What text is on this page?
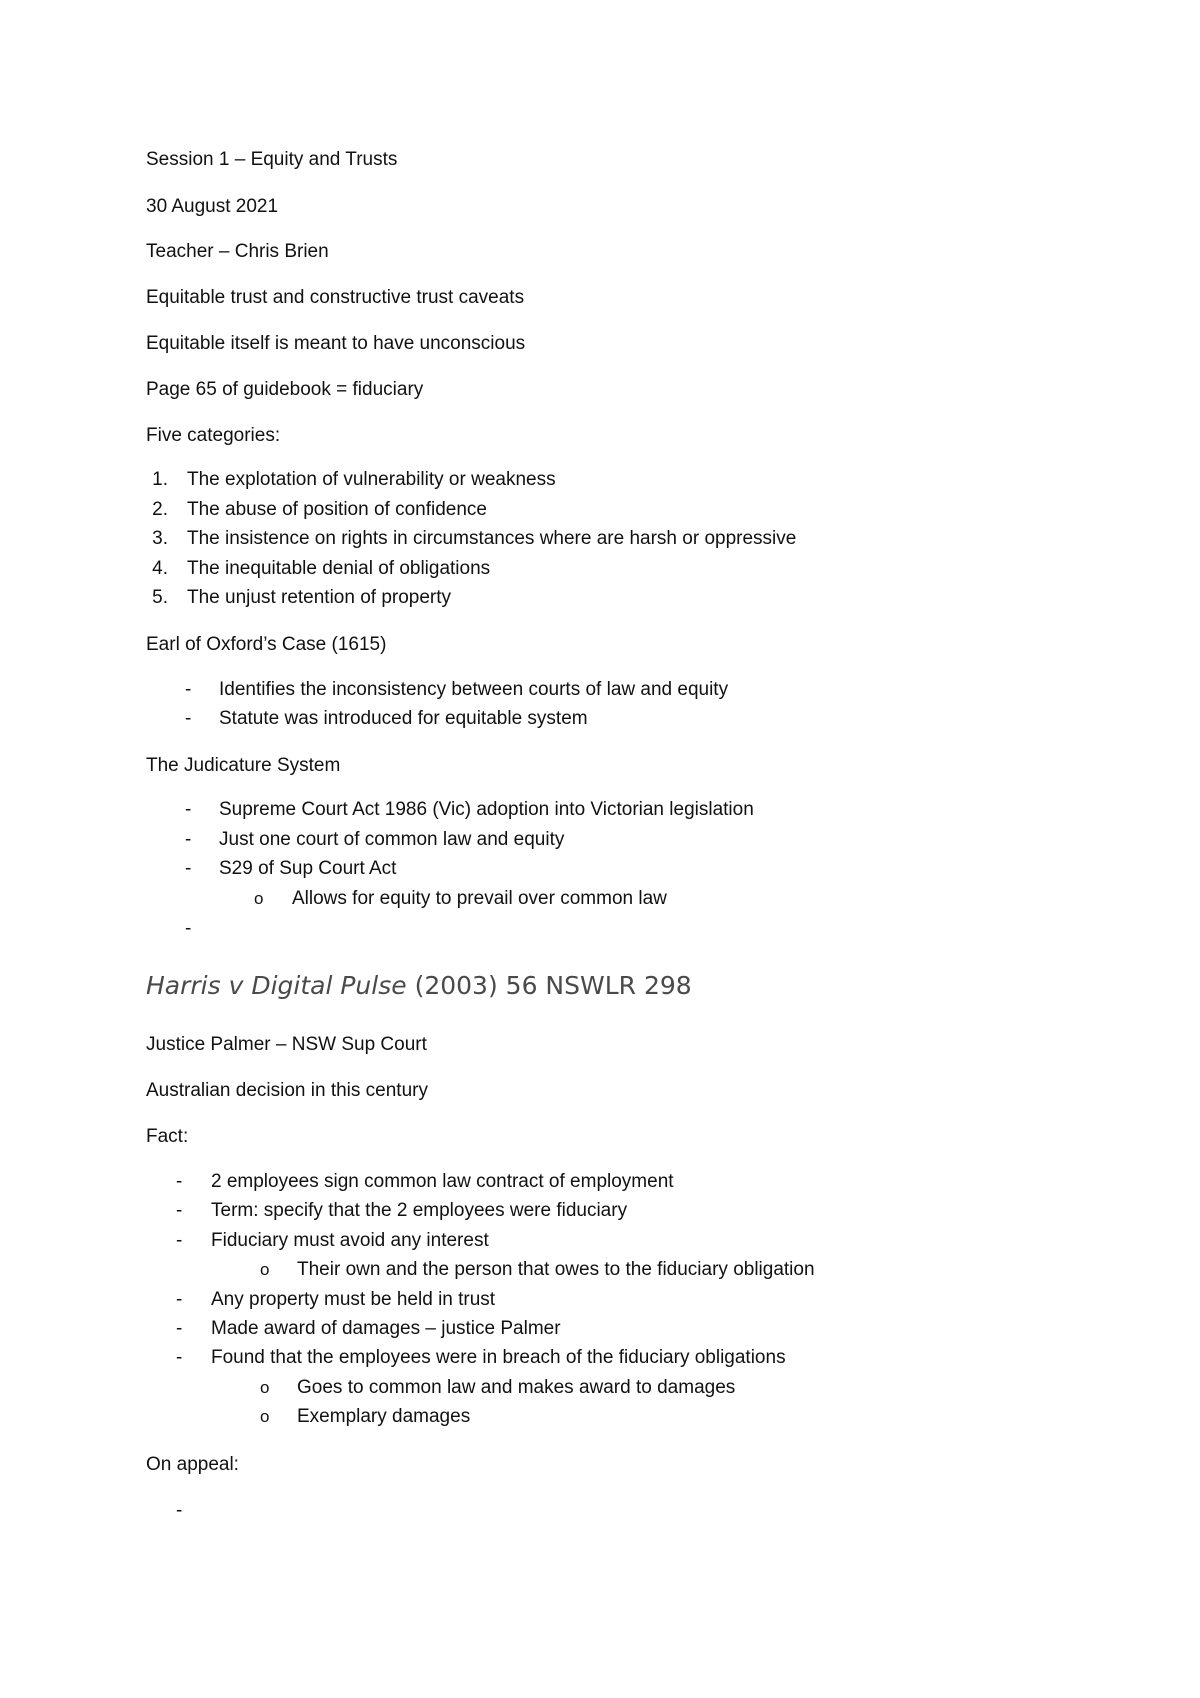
Session 1 – Equity and Trusts
30 August 2021
Teacher – Chris Brien
Equitable trust and constructive trust caveats
Equitable itself is meant to have unconscious
Page 65 of guidebook = fiduciary
Five categories:
1. The explotation of vulnerability or weakness
2. The abuse of position of confidence
3. The insistence on rights in circumstances where are harsh or oppressive
4. The inequitable denial of obligations
5. The unjust retention of property
Earl of Oxford’s Case (1615)
- Identifies the inconsistency between courts of law and equity
- Statute was introduced for equitable system
The Judicature System
- Supreme Court Act 1986 (Vic) adoption into Victorian legislation
- Just one court of common law and equity
- S29 of Sup Court Act
o Allows for equity to prevail over common law
-
Harris v Digital Pulse (2003) 56 NSWLR 298
Justice Palmer – NSW Sup Court
Australian decision in this century
Fact:
- 2 employees sign common law contract of employment
- Term: specify that the 2 employees were fiduciary
- Fiduciary must avoid any interest
o Their own and the person that owes to the fiduciary obligation
- Any property must be held in trust
- Made award of damages – justice Palmer
- Found that the employees were in breach of the fiduciary obligations
o Goes to common law and makes award to damages
o Exemplary damages
On appeal:
-
